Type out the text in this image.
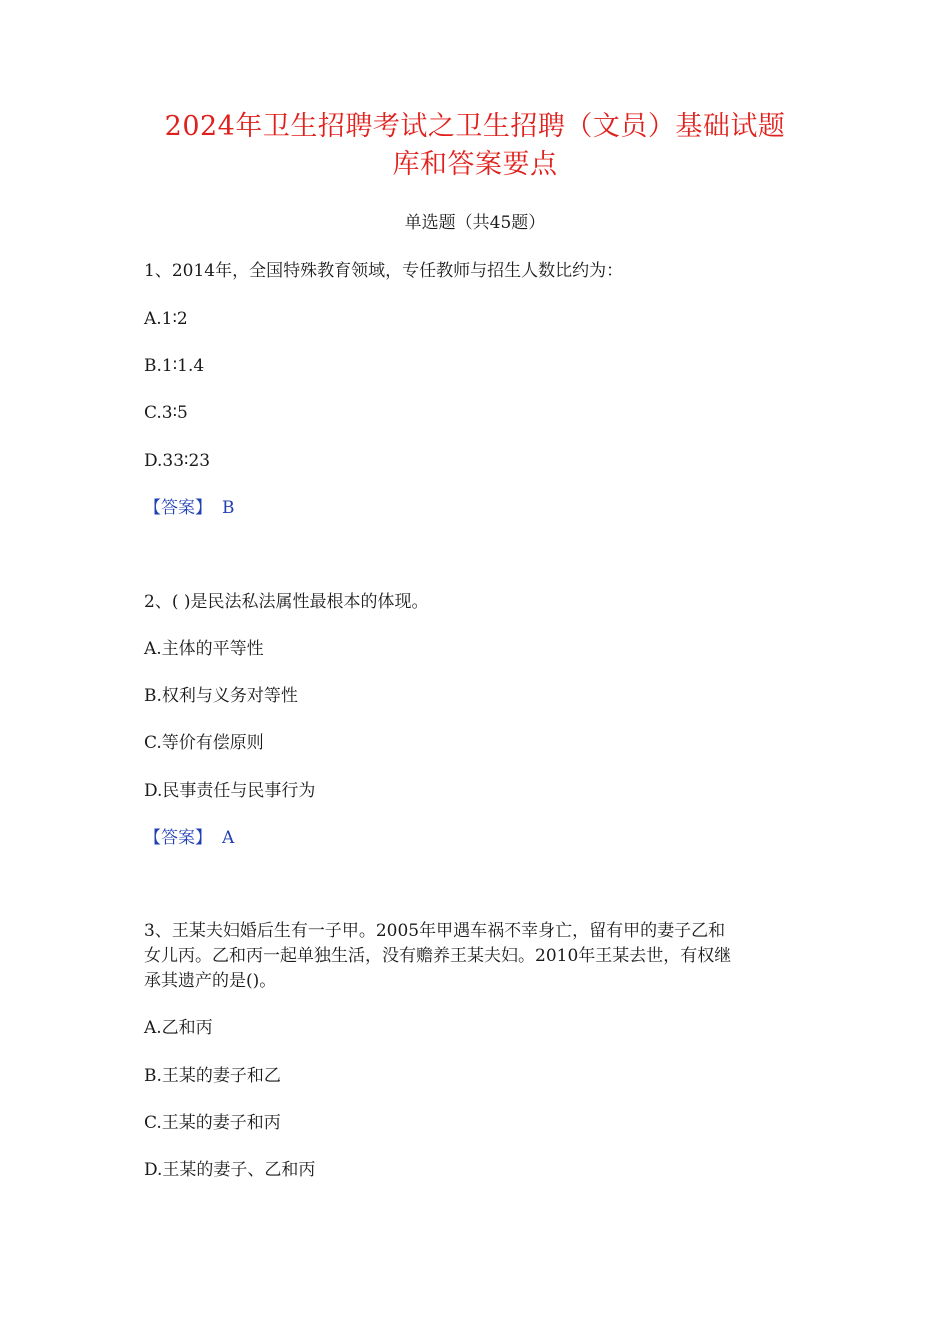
2024年卫生招聘考试之卫生招聘（文员）基础试题
库和答案要点
单选题（共45题）
1、2014年，全国特殊教育领域，专任教师与招生人数比约为：
A.1∶2
B.1∶1.4
C.3∶5
D.33∶23
【答案】 B
2、( )是民法私法属性最根本的体现。
A.主体的平等性
B.权利与义务对等性
C.等价有偿原则
D.民事责任与民事行为
【答案】 A
3、王某夫妇婚后生有一子甲。2005年甲遇车祸不幸身亡，留有甲的妻子乙和
女儿丙。乙和丙一起单独生活，没有赡养王某夫妇。2010年王某去世，有权继
承其遗产的是()。
A.乙和丙
B.王某的妻子和乙
C.王某的妻子和丙
D.王某的妻子、乙和丙
